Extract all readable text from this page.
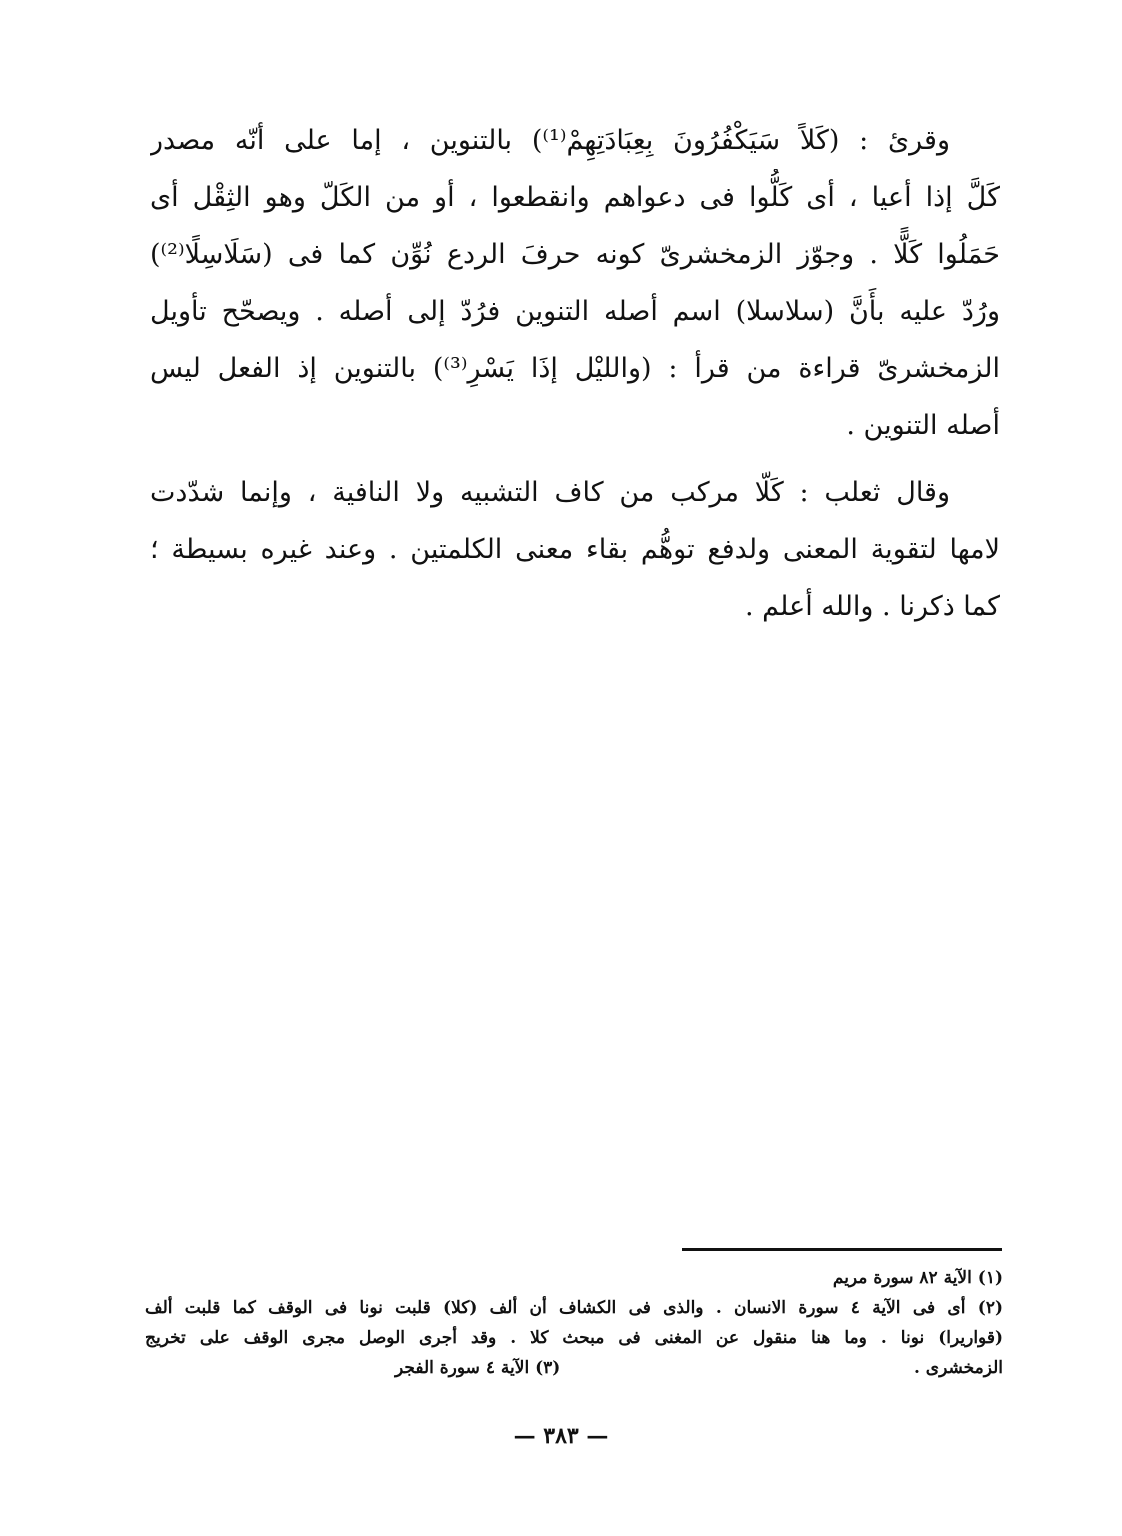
وقرئ : (كَلاً سَيَكْفُرُونَ بِعِبَادَتِهِمْ⁽¹⁾) بالتنوين ، إما على أنّه مصدر
كَلَّ إذا أعيا ، أى كَلُّوا فى دعواهم وانقطعوا ، أو من الكَلّ وهو الثِقْل أى
حَمَلُوا كَلًّا . وجوّز الزمخشرىّ كونه حرفَ الردع نُوِّن كما فى (سَلَاسِلًا⁽²⁾)
ورُدّ عليه بأَنَّ (سلاسلا) اسم أصله التنوين فرُدّ إلى أصله . ويصحّح تأويل
الزمخشرىّ قراءة من قرأ : (والليْل إذَا يَسْرِ⁽³⁾) بالتنوين إذ الفعل ليس
أصله التنوين .
وقال ثعلب : كَلّا مركب من كاف التشبيه ولا النافية ، وإنما شدّدت
لامها لتقوية المعنى ولدفع توهُّم بقاء معنى الكلمتين . وعند غيره بسيطة ؛
كما ذكرنا . والله أعلم .
(١) الآية ٨٢ سورة مريم
(٢) أى فى الآية ٤ سورة الانسان . والذى فى الكشاف أن ألف (كلا) قلبت نونا فى الوقف كما قلبت ألف
(قواريرا) نونا . وما هنا منقول عن المغنى فى مبحث كلا . وقد أجرى الوصل مجرى الوقف على تخريج
الزمخشرى .
(٣) الآية ٤ سورة الفجر
— ٣٨٣ —
